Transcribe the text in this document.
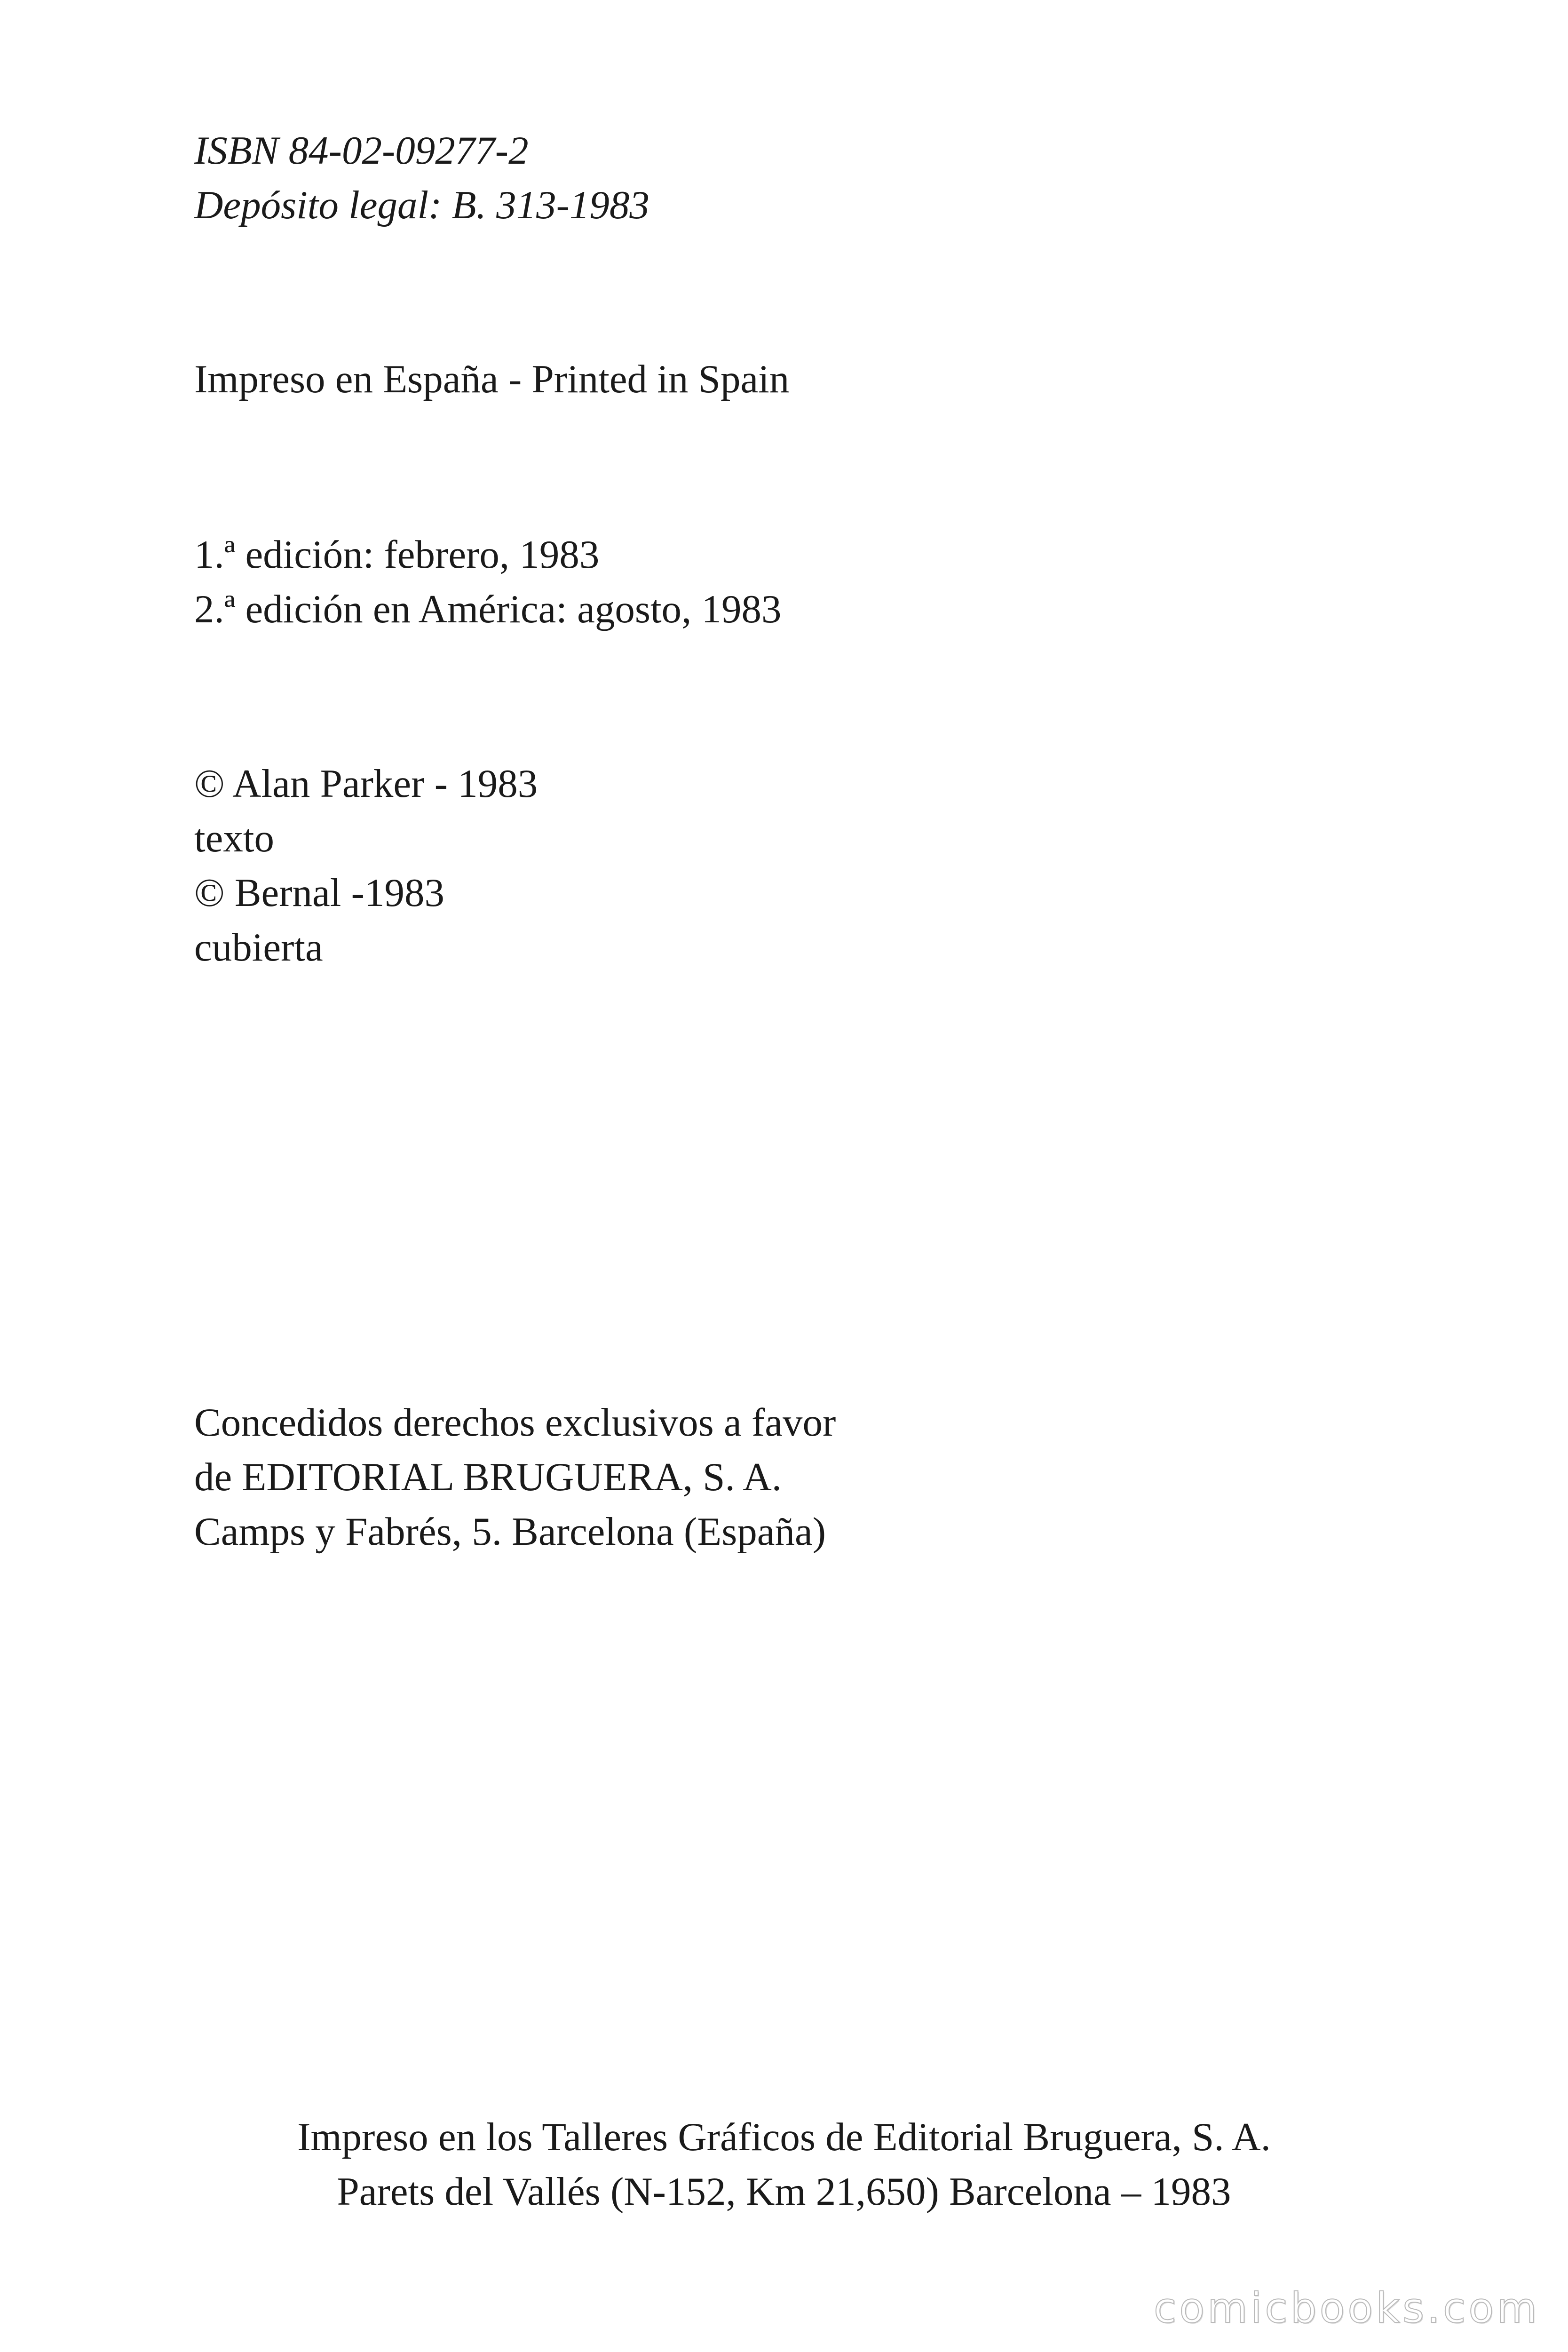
ISBN 84-02-09277-2
Depósito legal: B. 313-1983
Impreso en España - Printed in Spain
1.ª edición: febrero, 1983
2.ª edición en América: agosto, 1983
© Alan Parker - 1983
texto
© Bernal -1983
cubierta
Concedidos derechos exclusivos a favor
de EDITORIAL BRUGUERA, S. A.
Camps y Fabrés, 5. Barcelona (España)
Impreso en los Talleres Gráficos de Editorial Bruguera, S. A.
Parets del Vallés (N-152, Km 21,650) Barcelona – 1983
comicbooks.com
